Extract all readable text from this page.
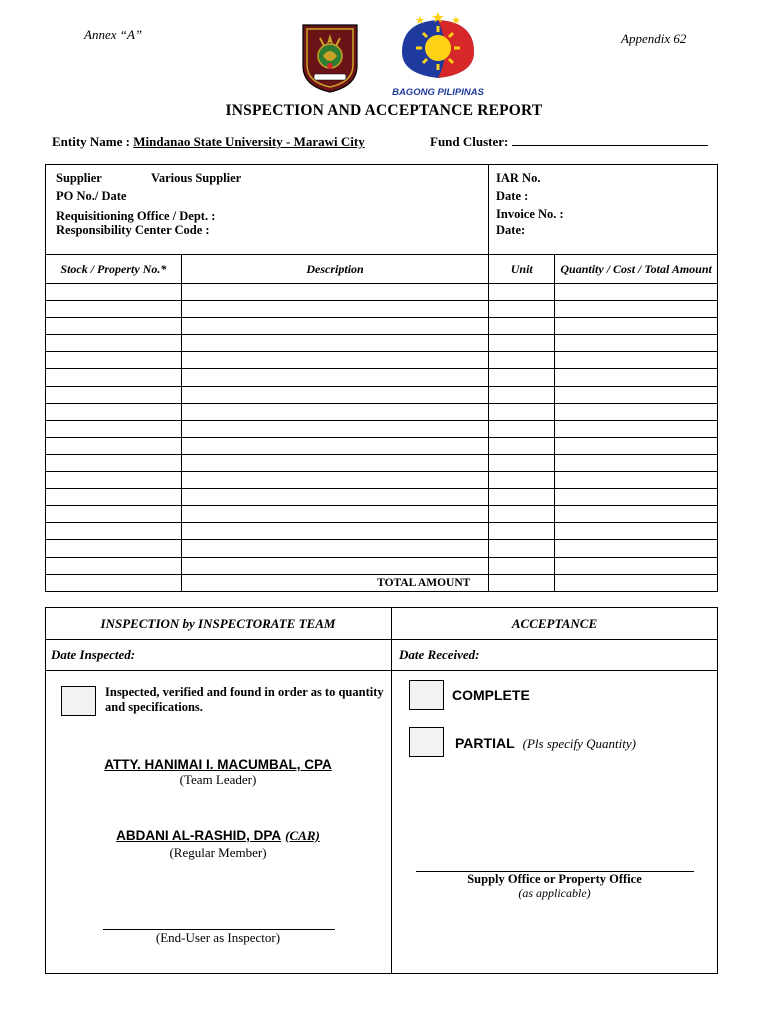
Annex “A”	Appendix 62
BAGONG PILIPINAS
INSPECTION AND ACCEPTANCE REPORT
Entity Name : Mindanao State University - Marawi City	Fund Cluster:
Supplier	Various Supplier
PO No./ Date
Requisitioning Office / Dept. :
Responsibility Center Code :
IAR No.
Date :
Invoice No. :
Date:
Stock / Property No.*	Description	Unit	Quantity / Cost / Total Amount

	TOTAL AMOUNT		
INSPECTION by INSPECTORATE TEAM	ACCEPTANCE
Date Inspected:	Date Received:
Inspected, verified and found in order as to quantity and specifications.
ATTY. HANIMAI I. MACUMBAL, CPA
(Team Leader)
ABDANI AL-RASHID, DPA (CAR)
(Regular Member)
(End-User as Inspector)
COMPLETE
PARTIAL (Pls specify Quantity)
Supply Office or Property Office
(as applicable)
